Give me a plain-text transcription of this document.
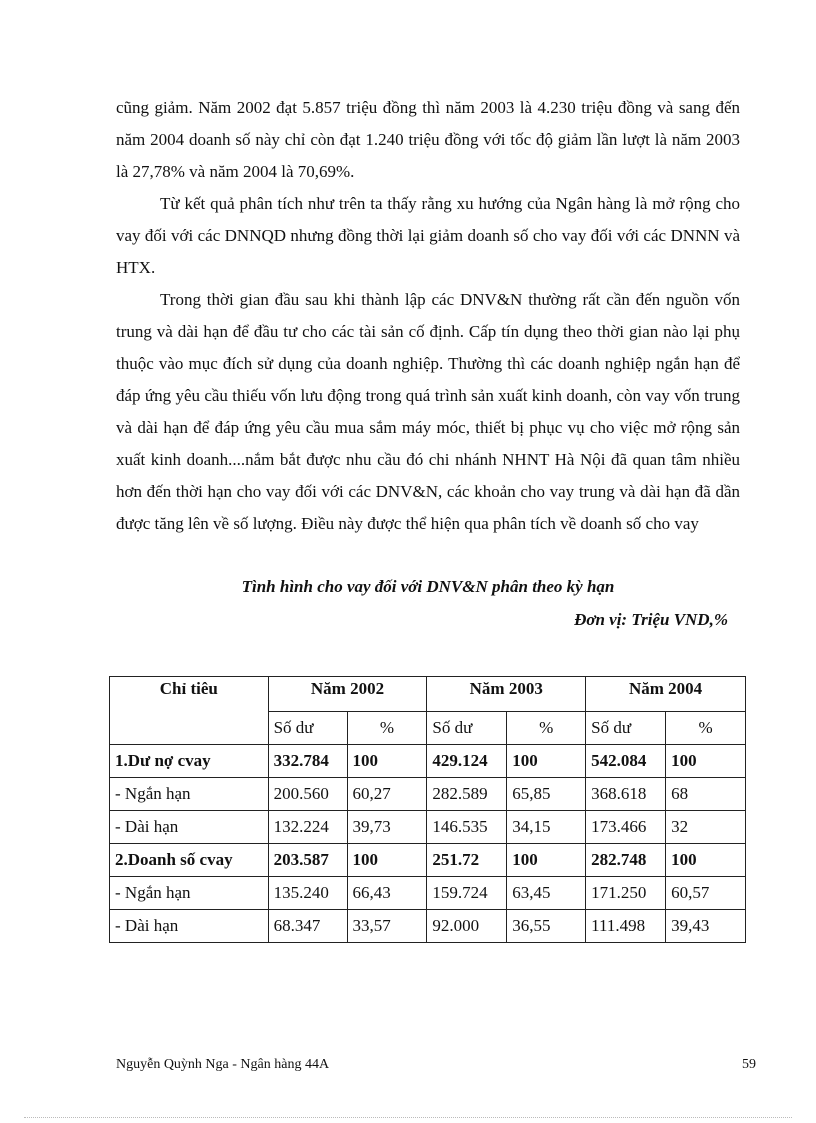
cũng giảm. Năm 2002 đạt 5.857 triệu đồng thì năm 2003 là 4.230 triệu đồng và sang đến năm 2004 doanh số này chỉ còn đạt 1.240 triệu đồng với tốc độ giảm lần lượt là năm 2003 là 27,78% và năm 2004 là 70,69%.

Từ kết quả phân tích như trên ta thấy rằng xu hướng của Ngân hàng là mở rộng cho vay đối với các DNNQD nhưng đồng thời lại giảm doanh số cho vay đối với các DNNN và HTX.

Trong thời gian đầu sau khi thành lập các DNV&N thường rất cần đến nguồn vốn trung và dài hạn để đầu tư cho các tài sản cố định. Cấp tín dụng theo thời gian nào lại phụ thuộc vào mục đích sử dụng của doanh nghiệp. Thường thì các doanh nghiệp ngắn hạn để đáp ứng yêu cầu thiếu vốn lưu động trong quá trình sản xuất kinh doanh, còn vay vốn trung và dài hạn để đáp ứng yêu cầu mua sắm máy móc, thiết bị phục vụ cho việc mở rộng sản xuất kinh doanh....nắm bắt được nhu cầu đó chi nhánh NHNT Hà Nội đã quan tâm nhiều hơn đến thời hạn cho vay đối với các DNV&N, các khoản cho vay trung và dài hạn đã dần được tăng lên về số lượng. Điều này được thể hiện qua phân tích về doanh số cho vay

Tình hình cho vay đối với DNV&N phân theo kỳ hạn

Đơn vị: Triệu VND,%

Chỉ tiêu	Năm 2002		Năm 2003		Năm 2004	
	Số dư	%	Số dư	%	Số dư	%
1.Dư nợ cvay	332.784	100	429.124	100	542.084	100
- Ngắn hạn	200.560	60,27	282.589	65,85	368.618	68
- Dài hạn	132.224	39,73	146.535	34,15	173.466	32
2.Doanh số cvay	203.587	100	251.72	100	282.748	100
- Ngắn hạn	135.240	66,43	159.724	63,45	171.250	60,57
- Dài hạn	68.347	33,57	92.000	36,55	111.498	39,43
Nguyễn Quỳnh Nga - Ngân hàng 44A	59
